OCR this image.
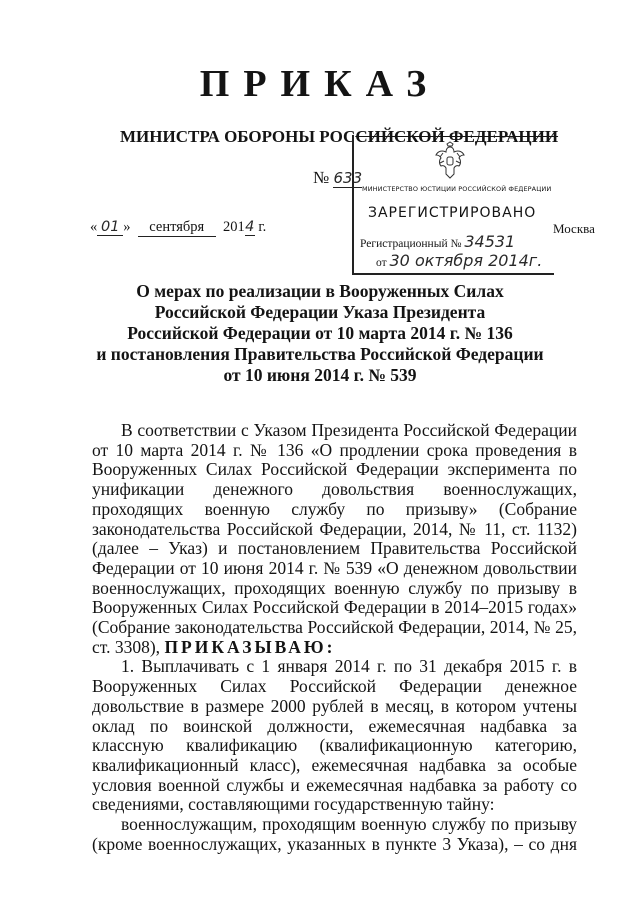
ПРИКАЗ

МИНИСТРА ОБОРОНЫ РОССИЙСКОЙ ФЕДЕРАЦИИ

№ 633
« 01 » сентября 2014 г.	Москва
МИНИСТЕРСТВО ЮСТИЦИИ РОССИЙСКОЙ ФЕДЕРАЦИИ
ЗАРЕГИСТРИРОВАНО
Регистрационный № 34531
от 30 октября 2014г.
О мерах по реализации в Вооруженных Силах
Российской Федерации Указа Президента
Российской Федерации от 10 марта 2014 г. № 136
и постановления Правительства Российской Федерации
от 10 июня 2014 г. № 539

В соответствии с Указом Президента Российской Федерации от 10 марта 2014 г. № 136 «О продлении срока проведения в Вооруженных Силах Российской Федерации эксперимента по унификации денежного довольствия военнослужащих, проходящих военную службу по призыву» (Собрание законодательства Российской Федерации, 2014, № 11, ст. 1132) (далее – Указ) и постановлением Правительства Российской Федерации от 10 июня 2014 г. № 539 «О денежном довольствии военнослужащих, проходящих военную службу по призыву в Вооруженных Силах Российской Федерации в 2014–2015 годах» (Собрание законодательства Российской Федерации, 2014, № 25, ст. 3308), ПРИКАЗЫВАЮ:

1. Выплачивать с 1 января 2014 г. по 31 декабря 2015 г. в Вооруженных Силах Российской Федерации денежное довольствие в размере 2000 рублей в месяц, в котором учтены оклад по воинской должности, ежемесячная надбавка за классную квалификацию (квалификационную категорию, квалификационный класс), ежемесячная надбавка за особые условия военной службы и ежемесячная надбавка за работу со сведениями, составляющими государственную тайну:

военнослужащим, проходящим военную службу по призыву (кроме военнослужащих, указанных в пункте 3 Указа), – со дня
